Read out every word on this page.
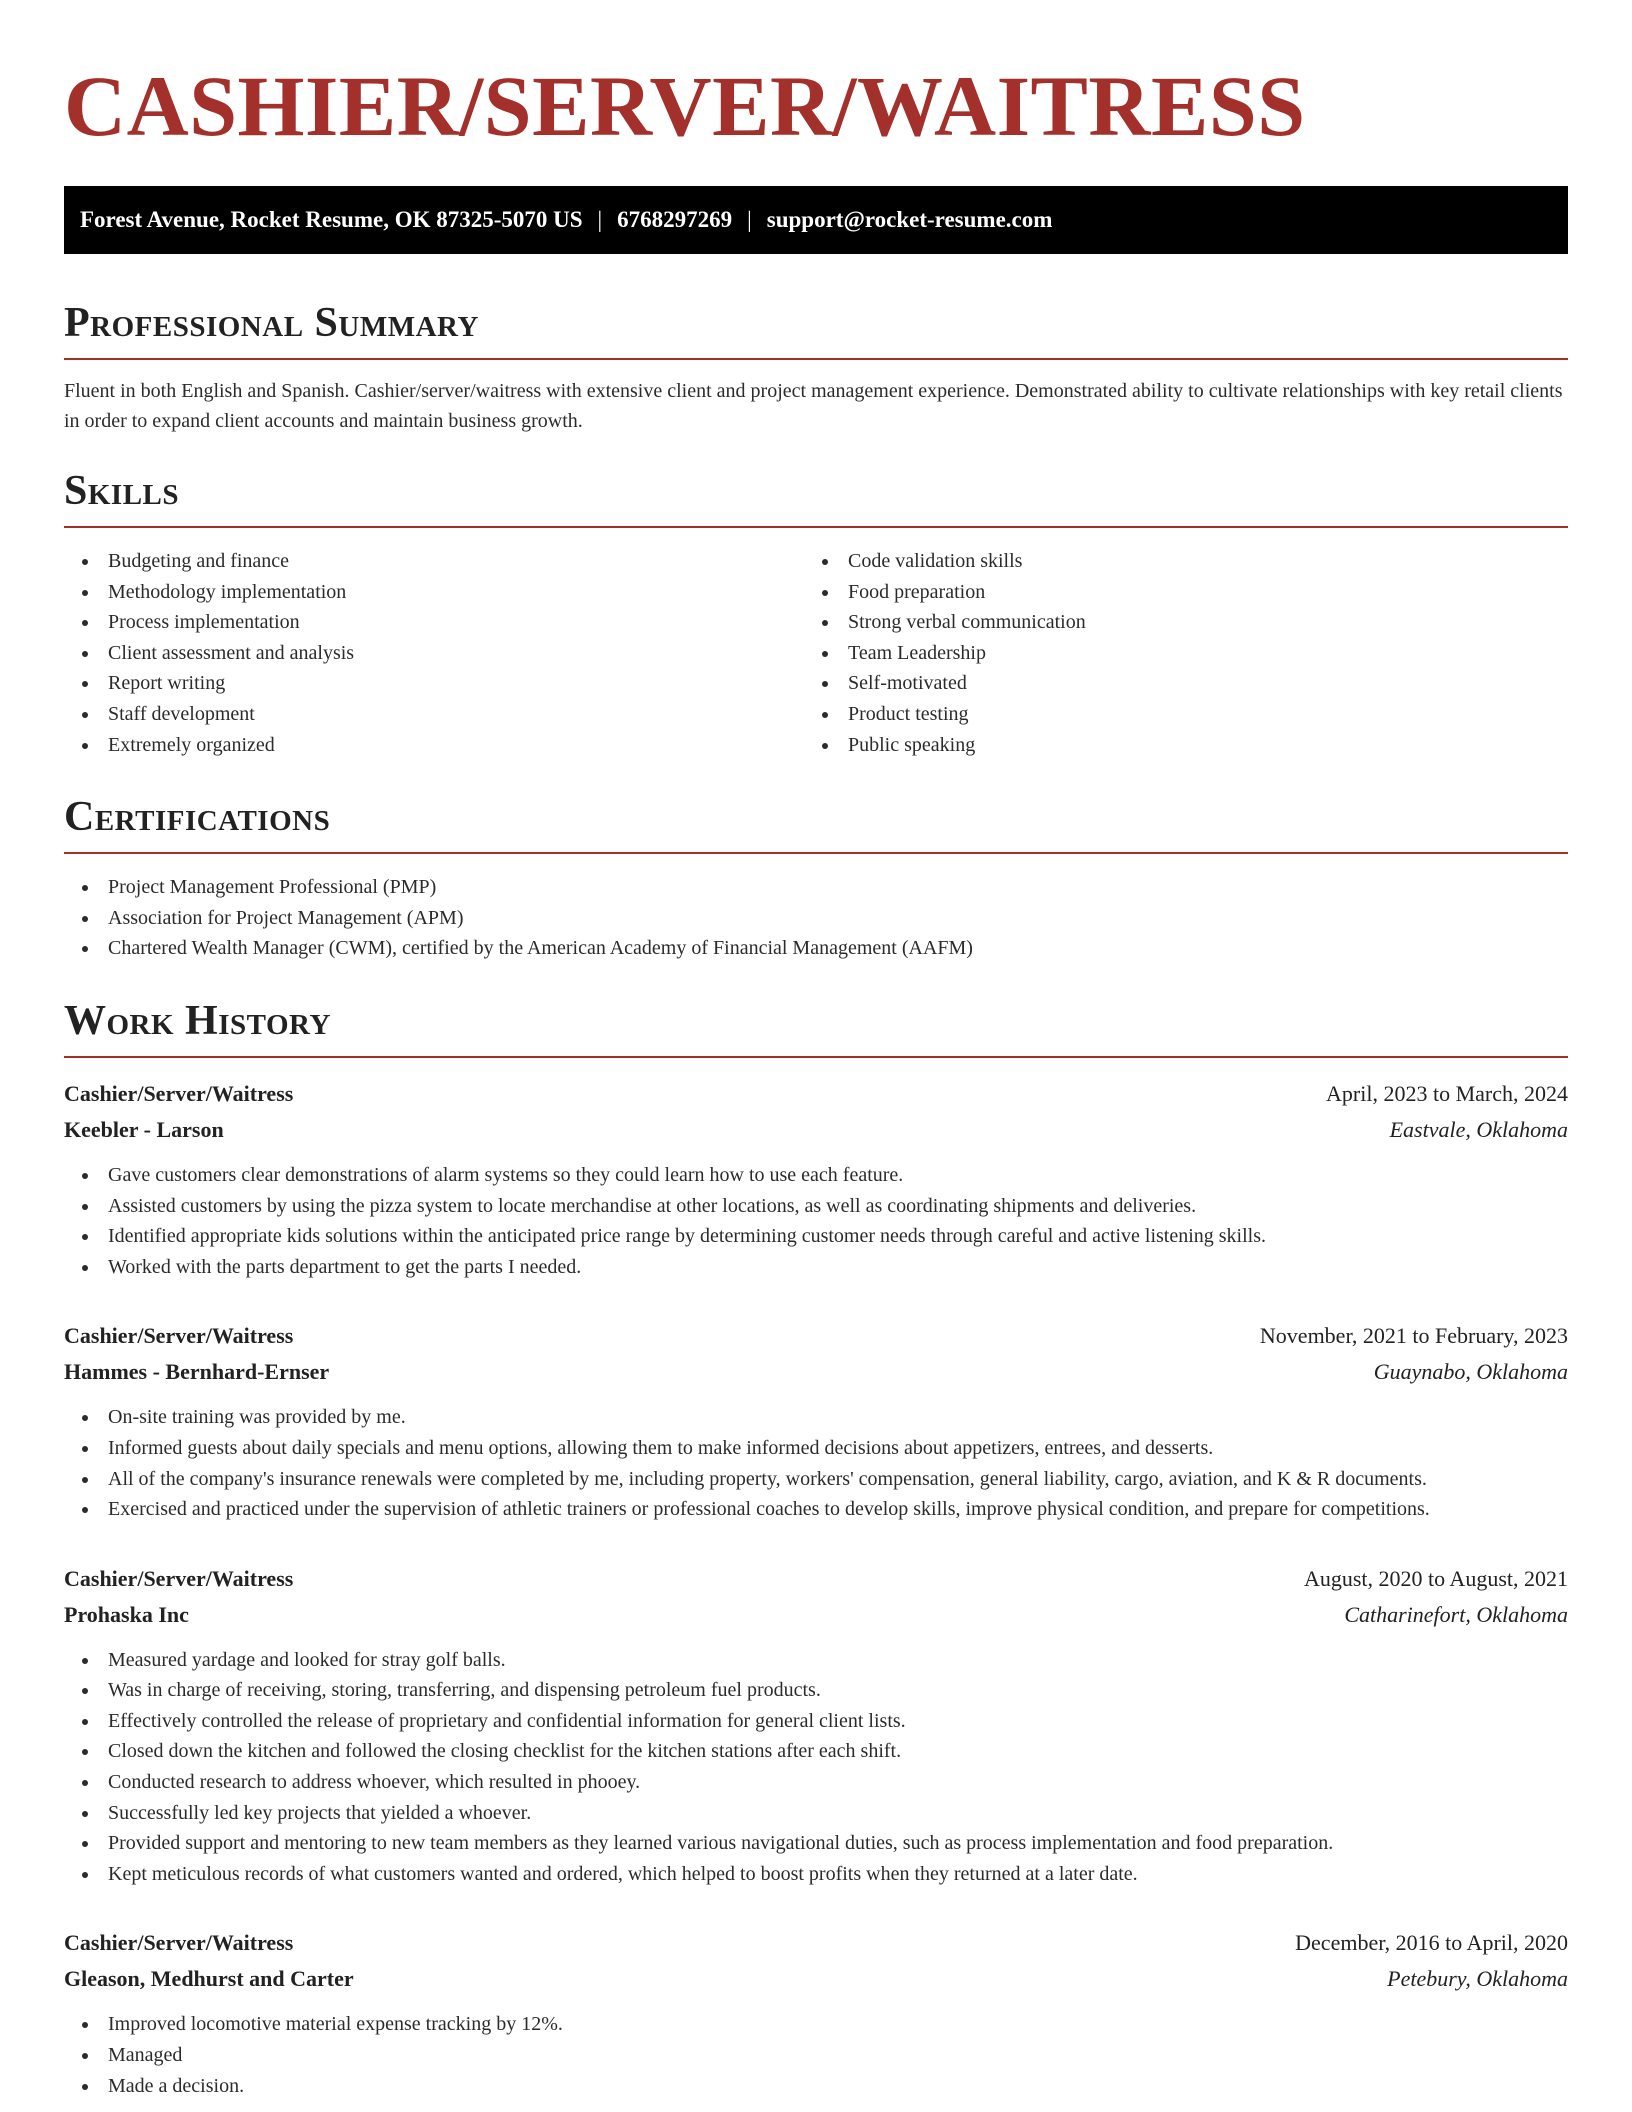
CASHIER/SERVER/WAITRESS
Forest Avenue, Rocket Resume, OK 87325-5070 US | 6768297269 | support@rocket-resume.com
Professional Summary

Fluent in both English and Spanish. Cashier/server/waitress with extensive client and project management experience. Demonstrated ability to cultivate relationships with key retail clients in order to expand client accounts and maintain business growth.

Skills
Budgeting and finance
Methodology implementation
Process implementation
Client assessment and analysis
Report writing
Staff development
Extremely organized
Code validation skills
Food preparation
Strong verbal communication
Team Leadership
Self-motivated
Product testing
Public speaking
Certifications
Project Management Professional (PMP)
Association for Project Management (APM)
Chartered Wealth Manager (CWM), certified by the American Academy of Financial Management (AAFM)
Work History
Cashier/Server/Waitress	April, 2023 to March, 2024
Keebler - Larson	Eastvale, Oklahoma
Gave customers clear demonstrations of alarm systems so they could learn how to use each feature.
Assisted customers by using the pizza system to locate merchandise at other locations, as well as coordinating shipments and deliveries.
Identified appropriate kids solutions within the anticipated price range by determining customer needs through careful and active listening skills.
Worked with the parts department to get the parts I needed.
Cashier/Server/Waitress	November, 2021 to February, 2023
Hammes - Bernhard-Ernser	Guaynabo, Oklahoma
On-site training was provided by me.
Informed guests about daily specials and menu options, allowing them to make informed decisions about appetizers, entrees, and desserts.
All of the company's insurance renewals were completed by me, including property, workers' compensation, general liability, cargo, aviation, and K & R documents.
Exercised and practiced under the supervision of athletic trainers or professional coaches to develop skills, improve physical condition, and prepare for competitions.
Cashier/Server/Waitress	August, 2020 to August, 2021
Prohaska Inc	Catharinefort, Oklahoma
Measured yardage and looked for stray golf balls.
Was in charge of receiving, storing, transferring, and dispensing petroleum fuel products.
Effectively controlled the release of proprietary and confidential information for general client lists.
Closed down the kitchen and followed the closing checklist for the kitchen stations after each shift.
Conducted research to address whoever, which resulted in phooey.
Successfully led key projects that yielded a whoever.
Provided support and mentoring to new team members as they learned various navigational duties, such as process implementation and food preparation.
Kept meticulous records of what customers wanted and ordered, which helped to boost profits when they returned at a later date.
Cashier/Server/Waitress	December, 2016 to April, 2020
Gleason, Medhurst and Carter	Petebury, Oklahoma
Improved locomotive material expense tracking by 12%.
Managed
Made a decision.
